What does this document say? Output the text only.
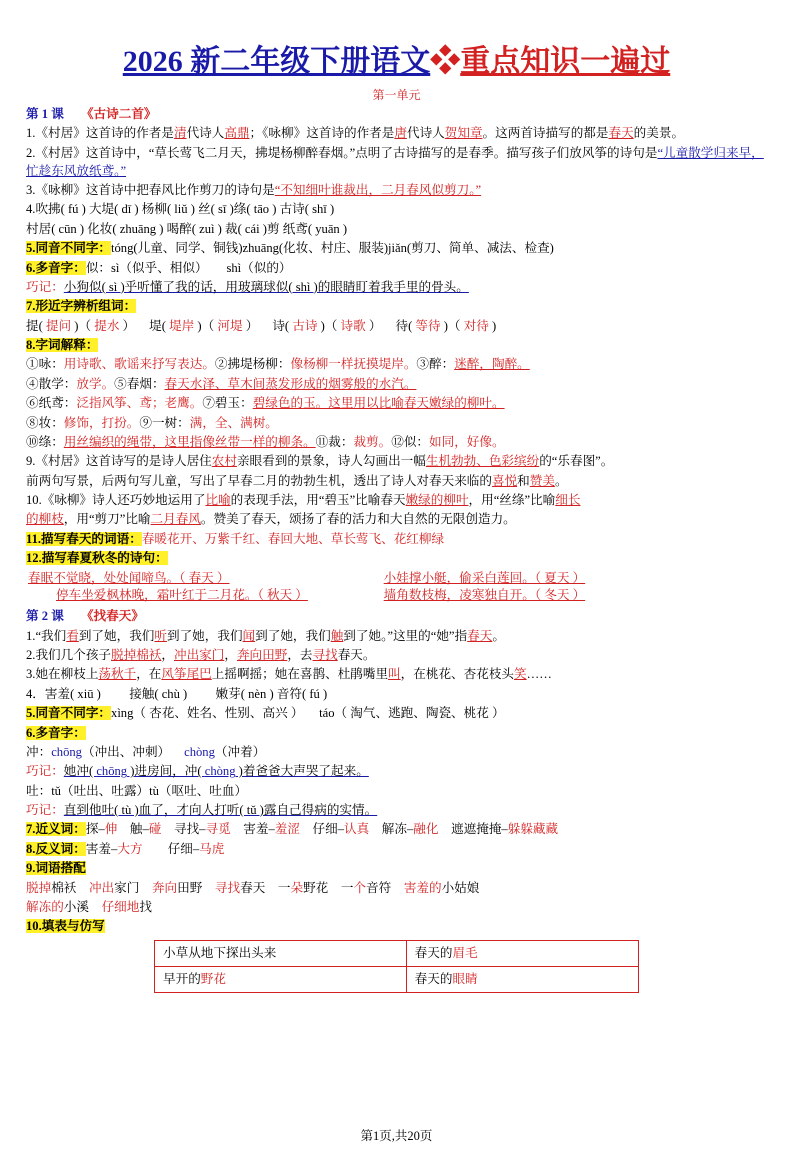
2026 新二年级下册语文❖重点知识一遍过
第一单元
第 1 课 《古诗二首》

1.《村居》这首诗的作者是清代诗人高鼎；《咏柳》这首诗的作者是唐代诗人贺知章。这两首诗描写的都是春天的美景。

2.《村居》这首诗中，“草长莺飞二月天，拂堤杨柳醉春烟。”点明了古诗描写的是春季。描写孩子们放风筝的诗句是“儿童散学归来早，忙趁东风放纸鸢。”

3.《咏柳》这首诗中把春风比作剪刀的诗句是“不知细叶谁裁出，二月春风似剪刀。”

4.吹拂( fú ) 大堤( dī ) 杨柳( liǔ ) 丝( sī )绦( tāo ) 古诗( shī )

村居( cūn ) 化妆( zhuāng ) 喝醉( zuì ) 裁( cái )剪 纸鸢( yuān )

5.同音不同字：tóng(儿童、同学、铜钱)zhuāng(化妆、村庄、服装)jiǎn(剪刀、简单、减法、检查)

6.多音字：似：sì（似乎、相似）　　shì（似的）

巧记：小狗似( sì )乎听懂了我的话，用玻璃球似( shì )的眼睛盯着我手里的骨头。

7.形近字辨析组词：

提( 提问 )（ 提水 ） 堤( 堤岸 )（ 河堤 ） 诗( 古诗 )（ 诗歌 ） 待( 等待 )（ 对待 )

8.字词解释：

①咏：用诗歌、歌谣来抒写表达。②拂堤杨柳：像杨柳一样抚摸堤岸。③醉：迷醉，陶醉。

④散学：放学。⑤春烟：春天水泽、草木间蒸发形成的烟雾般的水汽。

⑥纸鸢：泛指风筝、鸢；老鹰。⑦碧玉：碧绿色的玉。这里用以比喻春天嫩绿的柳叶。

⑧妆：修饰，打扮。⑨一树：满，全、满树。

⑩绦：用丝编织的绳带，这里指像丝带一样的柳条。⑪裁：裁剪。⑫似：如同，好像。

9.《村居》这首诗写的是诗人居住农村亲眼看到的景象，诗人勾画出一幅生机勃勃、色彩缤纷的“乐春图”。

前两句写景，后两句写儿童，写出了早春二月的勃勃生机，透出了诗人对春天来临的喜悦和赞美。

10.《咏柳》诗人还巧妙地运用了比喻的表现手法，用“碧玉”比喻春天嫩绿的柳叶，用“丝绦”比喻细长

的柳枝，用“剪刀”比喻二月春风。赞美了春天，颂扬了春的活力和大自然的无限创造力。

11.描写春天的词语：春暖花开、万紫千红、春回大地、草长莺飞、花红柳绿

12.描写春夏秋冬的诗句：

春眠不觉晓，处处闻啼鸟。（ 春天 ）	小娃撑小艇，偷采白莲回。（ 夏天 ）
停车坐爱枫林晚，霜叶红于二月花。（ 秋天 ）	墙角数枝梅，凌寒独自开。（ 冬天 ）
第 2 课 《找春天》

1.“我们看到了她，我们听到了她，我们闻到了她，我们触到了她。”这里的“她”指春天。

2.我们几个孩子脱掉棉袄，冲出家门，奔向田野，去寻找春天。

3.她在柳枝上荡秋千，在风筝尾巴上摇啊摇；她在喜鹊、杜鹃嘴里叫，在桃花、杏花枝头笑……

4．害羞( xiū ) 　　接触( chù ) 　　嫩芽( nèn ) 音符( fú )

5.同音不同字：xìng（ 杏花、姓名、性别、高兴 ） 　táo（ 淘气、逃跑、陶瓷、桃花 ）

6.多音字：

冲：chōng（冲出、冲刺） chòng（冲着）

巧记：她冲( chōng )进房间，冲( chòng )着爸爸大声哭了起来。

吐：tǔ（吐出、吐露）tù（呕吐、吐血）

巧记：直到他吐( tù )血了，才向人打听( tǔ )露自己得病的实情。

7.近义词：探–伸　触–碰　寻找–寻觅　害羞–羞涩　仔细–认真　解冻–融化　遮遮掩掩–躲躲藏藏

8.反义词：害羞–大方　　仔细–马虎

9.词语搭配

脱掉棉袄　冲出家门　奔向田野　寻找春天　一朵野花　一个音符　害羞的小姑娘

解冻的小溪　仔细地找

10.填表与仿写

小草从地下探出头来	春天的眉毛
早开的野花	春天的眼睛
第1页,共20页
